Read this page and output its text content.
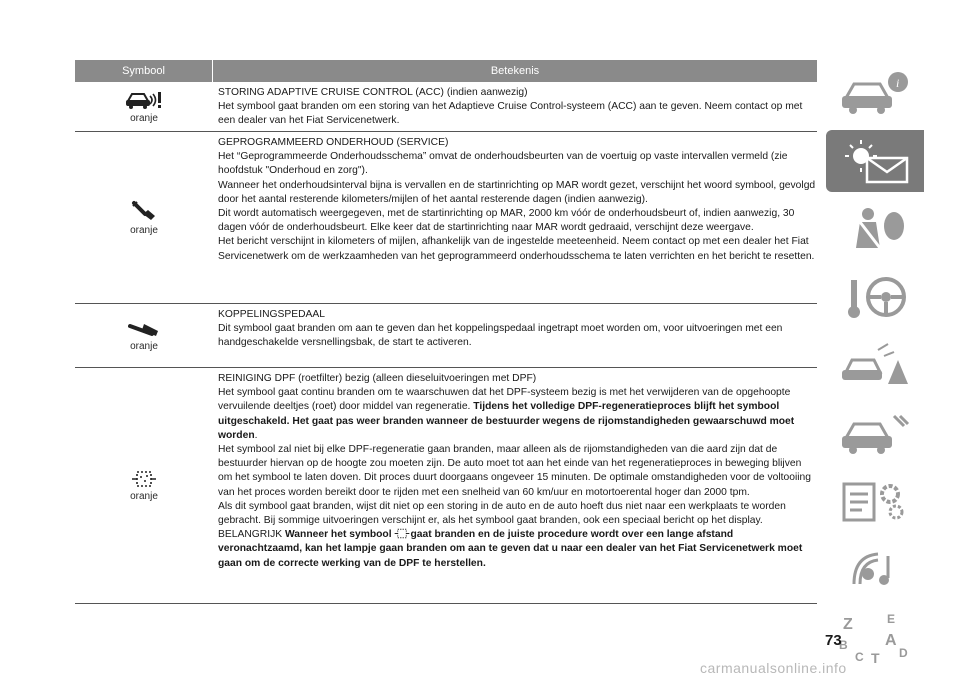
Symbool	Betekenis
oranje

STORING ADAPTIVE CRUISE CONTROL (ACC) (indien aanwezig)

Het symbool gaat branden om een storing van het Adaptieve Cruise Control-systeem (ACC) aan te geven. Neem contact op met een dealer van het Fiat Servicenetwerk.

oranje

GEPROGRAMMEERD ONDERHOUD (SERVICE)

Het “Geprogrammeerde Onderhoudsschema” omvat de onderhoudsbeurten van de voertuig op vaste intervallen vermeld (zie hoofdstuk "Onderhoud en zorg").

Wanneer het onderhoudsinterval bijna is vervallen en de startinrichting op MAR wordt gezet, verschijnt het woord symbool, gevolgd door het aantal resterende kilometers/mijlen of het aantal resterende dagen (indien aanwezig).

Dit wordt automatisch weergegeven, met de startinrichting op MAR, 2000 km vóór de onderhoudsbeurt of, indien aanwezig, 30 dagen vóór de onderhoudsbeurt. Elke keer dat de startinrichting naar MAR wordt gedraaid, verschijnt deze weergave.

Het bericht verschijnt in kilometers of mijlen, afhankelijk van de ingestelde meeteenheid. Neem contact op met een dealer het Fiat Servicenetwerk om de werkzaamheden van het geprogrammeerd onderhoudsschema te laten verrichten en het bericht te resetten.

oranje

KOPPELINGSPEDAAL

Dit symbool gaat branden om aan te geven dan het koppelingspedaal ingetrapt moet worden om, voor uitvoeringen met een handgeschakelde versnellingsbak, de start te activeren.

oranje

REINIGING DPF (roetfilter) bezig (alleen dieseluitvoeringen met DPF)

Het symbool gaat continu branden om te waarschuwen dat het DPF-systeem bezig is met het verwijderen van de opgehoopte vervuilende deeltjes (roet) door middel van regeneratie. Tijdens het volledige DPF-regeneratieproces blijft het symbool uitgeschakeld. Het gaat pas weer branden wanneer de bestuurder wegens de rijomstandigheden gewaarschuwd moet worden.

Het symbool zal niet bij elke DPF-regeneratie gaan branden, maar alleen als de rijomstandigheden van die aard zijn dat de bestuurder hiervan op de hoogte zou moeten zijn. De auto moet tot aan het einde van het regeneratieproces in beweging blijven om het symbool te laten doven. Dit proces duurt doorgaans ongeveer 15 minuten. De optimale omstandigheden voor de voltooiing van het proces worden bereikt door te rijden met een snelheid van 60 km/uur en motortoerental hoger dan 2000 tpm.

Als dit symbool gaat branden, wijst dit niet op een storing in de auto en de auto hoeft dus niet naar een werkplaats te worden gebracht. Bij sommige uitvoeringen verschijnt er, als het symbool gaat branden, ook een speciaal bericht op het display.

BELANGRIJK Wanneer het symbool gaat branden en de juiste procedure wordt over een lange afstand veronachtzaamd, kan het lampje gaan branden om aan te geven dat u naar een dealer van het Fiat Servicenetwerk moet gaan om de correcte werking van de DPF te herstellen.

i
Z	E
B A
C T D
73
carmanualsonline.info
